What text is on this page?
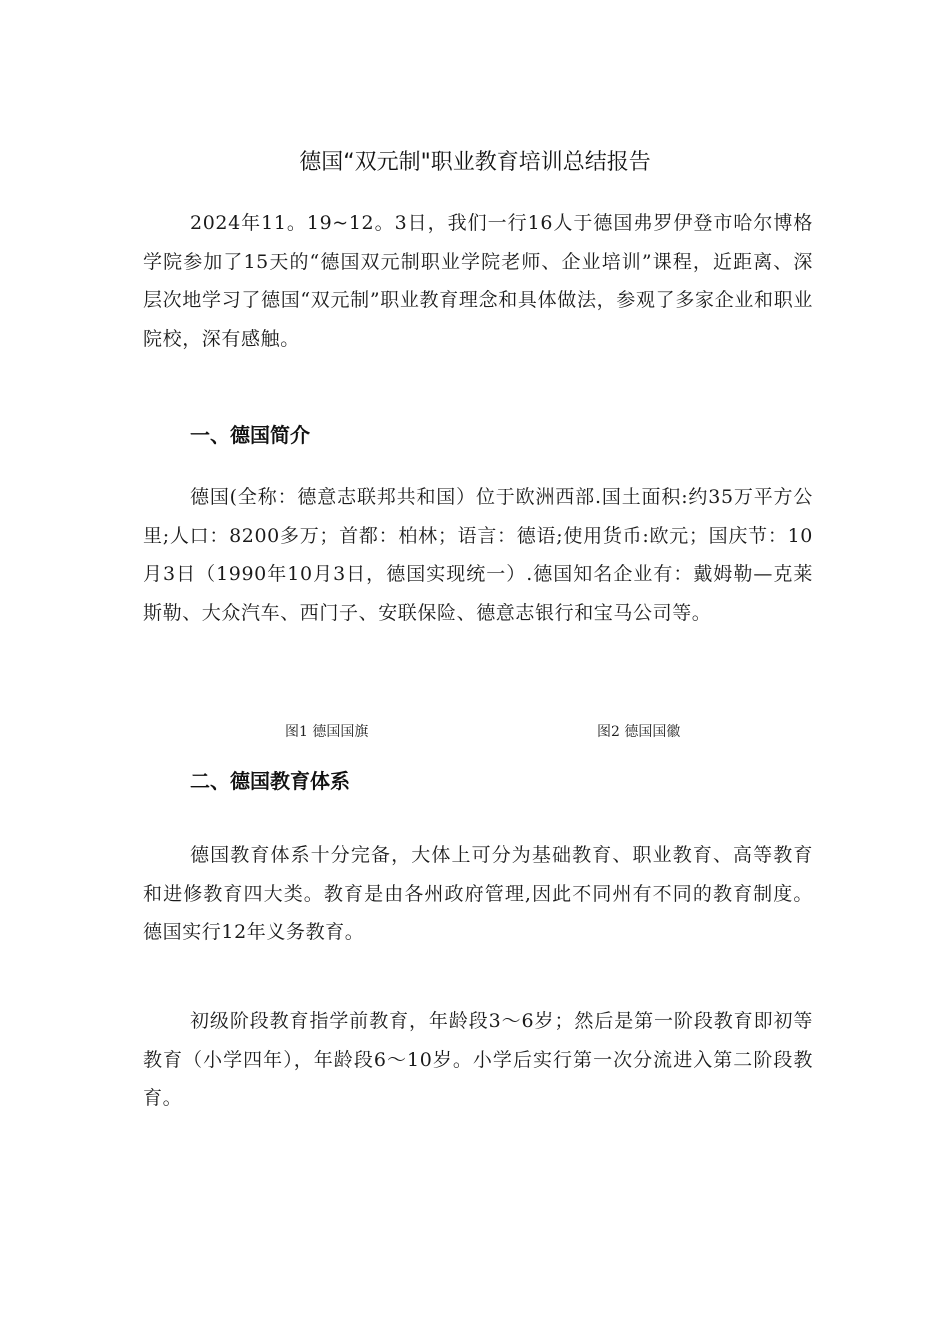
德国“双元制"职业教育培训总结报告

2024年11。19~12。3日，我们一行16人于德国弗罗伊登市哈尔博格学院参加了15天的“德国双元制职业学院老师、企业培训”课程，近距离、深层次地学习了德国“双元制”职业教育理念和具体做法，参观了多家企业和职业院校，深有感触。

一、德国简介

德国(全称：德意志联邦共和国）位于欧洲西部.国土面积:约35万平方公里;人口：8200多万；首都：柏林；语言：德语;使用货币:欧元；国庆节：10月3日（1990年10月3日，德国实现统一）.德国知名企业有：戴姆勒—克莱斯勒、大众汽车、西门子、安联保险、德意志银行和宝马公司等。

图1 德国国旗	图2 德国国徽
二、德国教育体系

德国教育体系十分完备，大体上可分为基础教育、职业教育、高等教育和进修教育四大类。教育是由各州政府管理,因此不同州有不同的教育制度。德国实行12年义务教育。

初级阶段教育指学前教育，年龄段3～6岁；然后是第一阶段教育即初等教育（小学四年），年龄段6～10岁。小学后实行第一次分流进入第二阶段教育。
